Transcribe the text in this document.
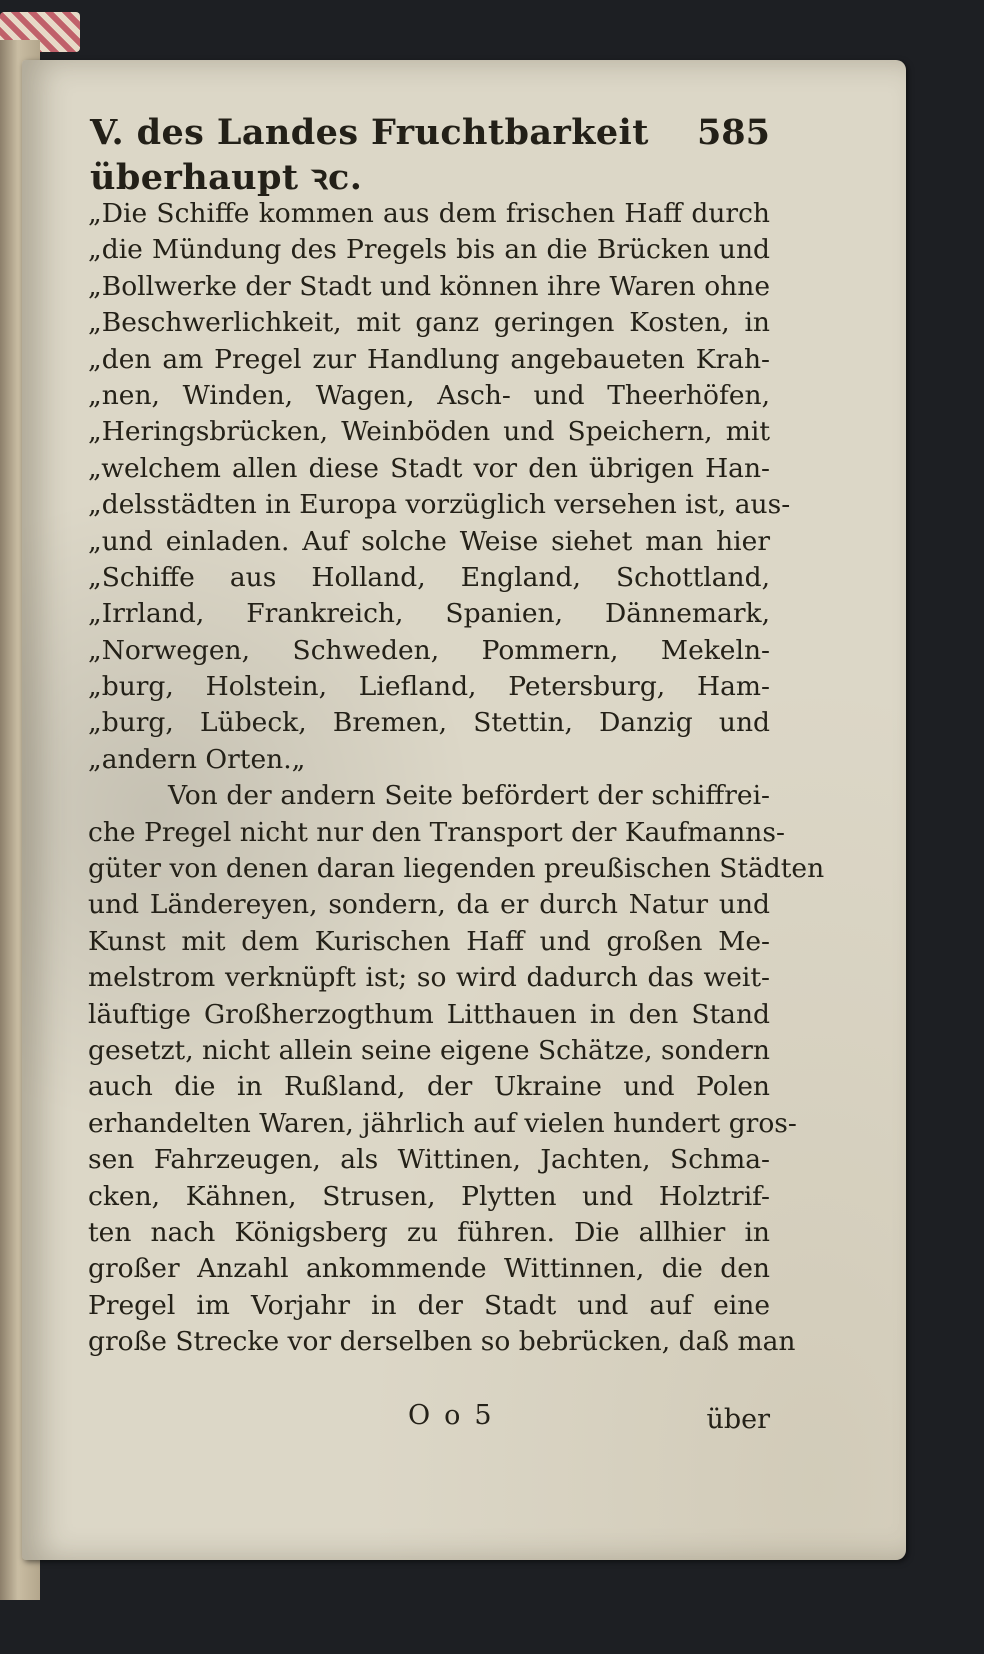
V. des Landes Fruchtbarkeit überhaupt ꝛc.
585
„Die Schiffe kommen aus dem frischen Haff durch
„die Mündung des Pregels bis an die Brücken und
„Bollwerke der Stadt und können ihre Waren ohne
„Beschwerlichkeit, mit ganz geringen Kosten, in
„den am Pregel zur Handlung angebaueten Krah-
„nen, Winden, Wagen, Asch- und Theerhöfen,
„Heringsbrücken, Weinböden und Speichern, mit
„welchem allen diese Stadt vor den übrigen Han-
„delsstädten in Europa vorzüglich versehen ist, aus-
„und einladen. Auf solche Weise siehet man hier
„Schiffe aus Holland, England, Schottland,
„Irrland, Frankreich, Spanien, Dännemark,
„Norwegen, Schweden, Pommern, Mekeln-
„burg, Holstein, Liefland, Petersburg, Ham-
„burg, Lübeck, Bremen, Stettin, Danzig und
„andern Orten.„
Von der andern Seite befördert der schiffrei-
che Pregel nicht nur den Transport der Kaufmanns-
güter von denen daran liegenden preußischen Städten
und Ländereyen, sondern, da er durch Natur und
Kunst mit dem Kurischen Haff und großen Me-
melstrom verknüpft ist; so wird dadurch das weit-
läuftige Großherzogthum Litthauen in den Stand
gesetzt, nicht allein seine eigene Schätze, sondern
auch die in Rußland, der Ukraine und Polen
erhandelten Waren, jährlich auf vielen hundert gros-
sen Fahrzeugen, als Wittinen, Jachten, Schma-
cken, Kähnen, Strusen, Plytten und Holztrif-
ten nach Königsberg zu führen. Die allhier in
großer Anzahl ankommende Wittinnen, die den
Pregel im Vorjahr in der Stadt und auf eine
große Strecke vor derselben so bebrücken, daß man
Oo5	über
